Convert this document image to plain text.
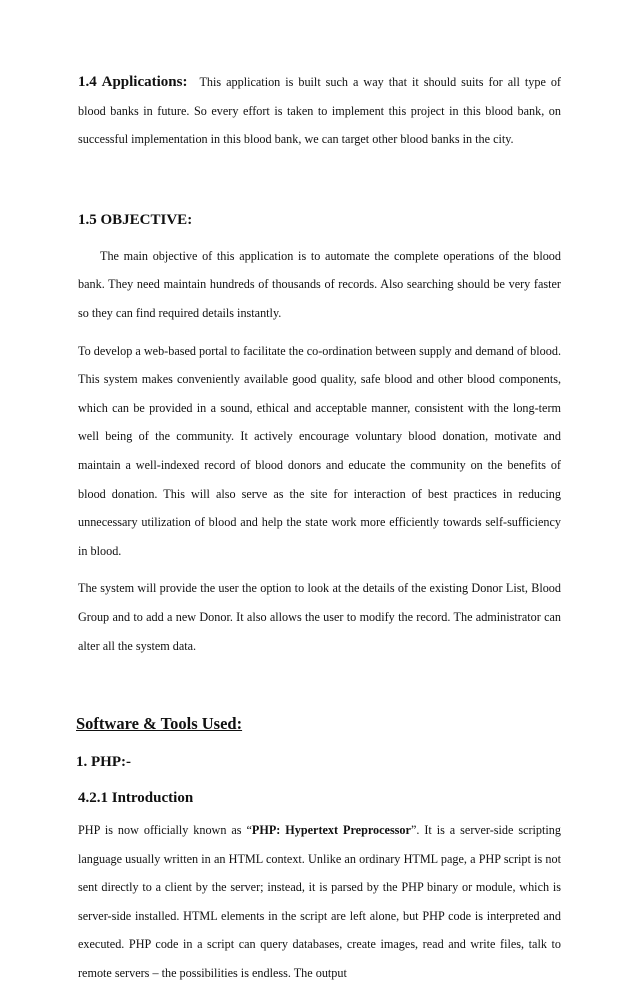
1.4 Applications: This application is built such a way that it should suits for all type of blood banks in future. So every effort is taken to implement this project in this blood bank, on successful implementation in this blood bank, we can target other blood banks in the city.

1.5 OBJECTIVE:

The main objective of this application is to automate the complete operations of the blood bank. They need maintain hundreds of thousands of records. Also searching should be very faster so they can find required details instantly.

To develop a web-based portal to facilitate the co-ordination between supply and demand of blood. This system makes conveniently available good quality, safe blood and other blood components, which can be provided in a sound, ethical and acceptable manner, consistent with the long-term well being of the community. It actively encourage voluntary blood donation, motivate and maintain a well-indexed record of blood donors and educate the community on the benefits of blood donation. This will also serve as the site for interaction of best practices in reducing unnecessary utilization of blood and help the state work more efficiently towards self-sufficiency in blood.

The system will provide the user the option to look at the details of the existing Donor List, Blood Group and to add a new Donor. It also allows the user to modify the record. The administrator can alter all the system data.

Software & Tools Used:
1. PHP:-
4.2.1 Introduction

PHP is now officially known as “PHP: Hypertext Preprocessor”. It is a server-side scripting language usually written in an HTML context. Unlike an ordinary HTML page, a PHP script is not sent directly to a client by the server; instead, it is parsed by the PHP binary or module, which is server-side installed. HTML elements in the script are left alone, but PHP code is interpreted and executed. PHP code in a script can query databases, create images, read and write files, talk to remote servers – the possibilities is endless. The output
